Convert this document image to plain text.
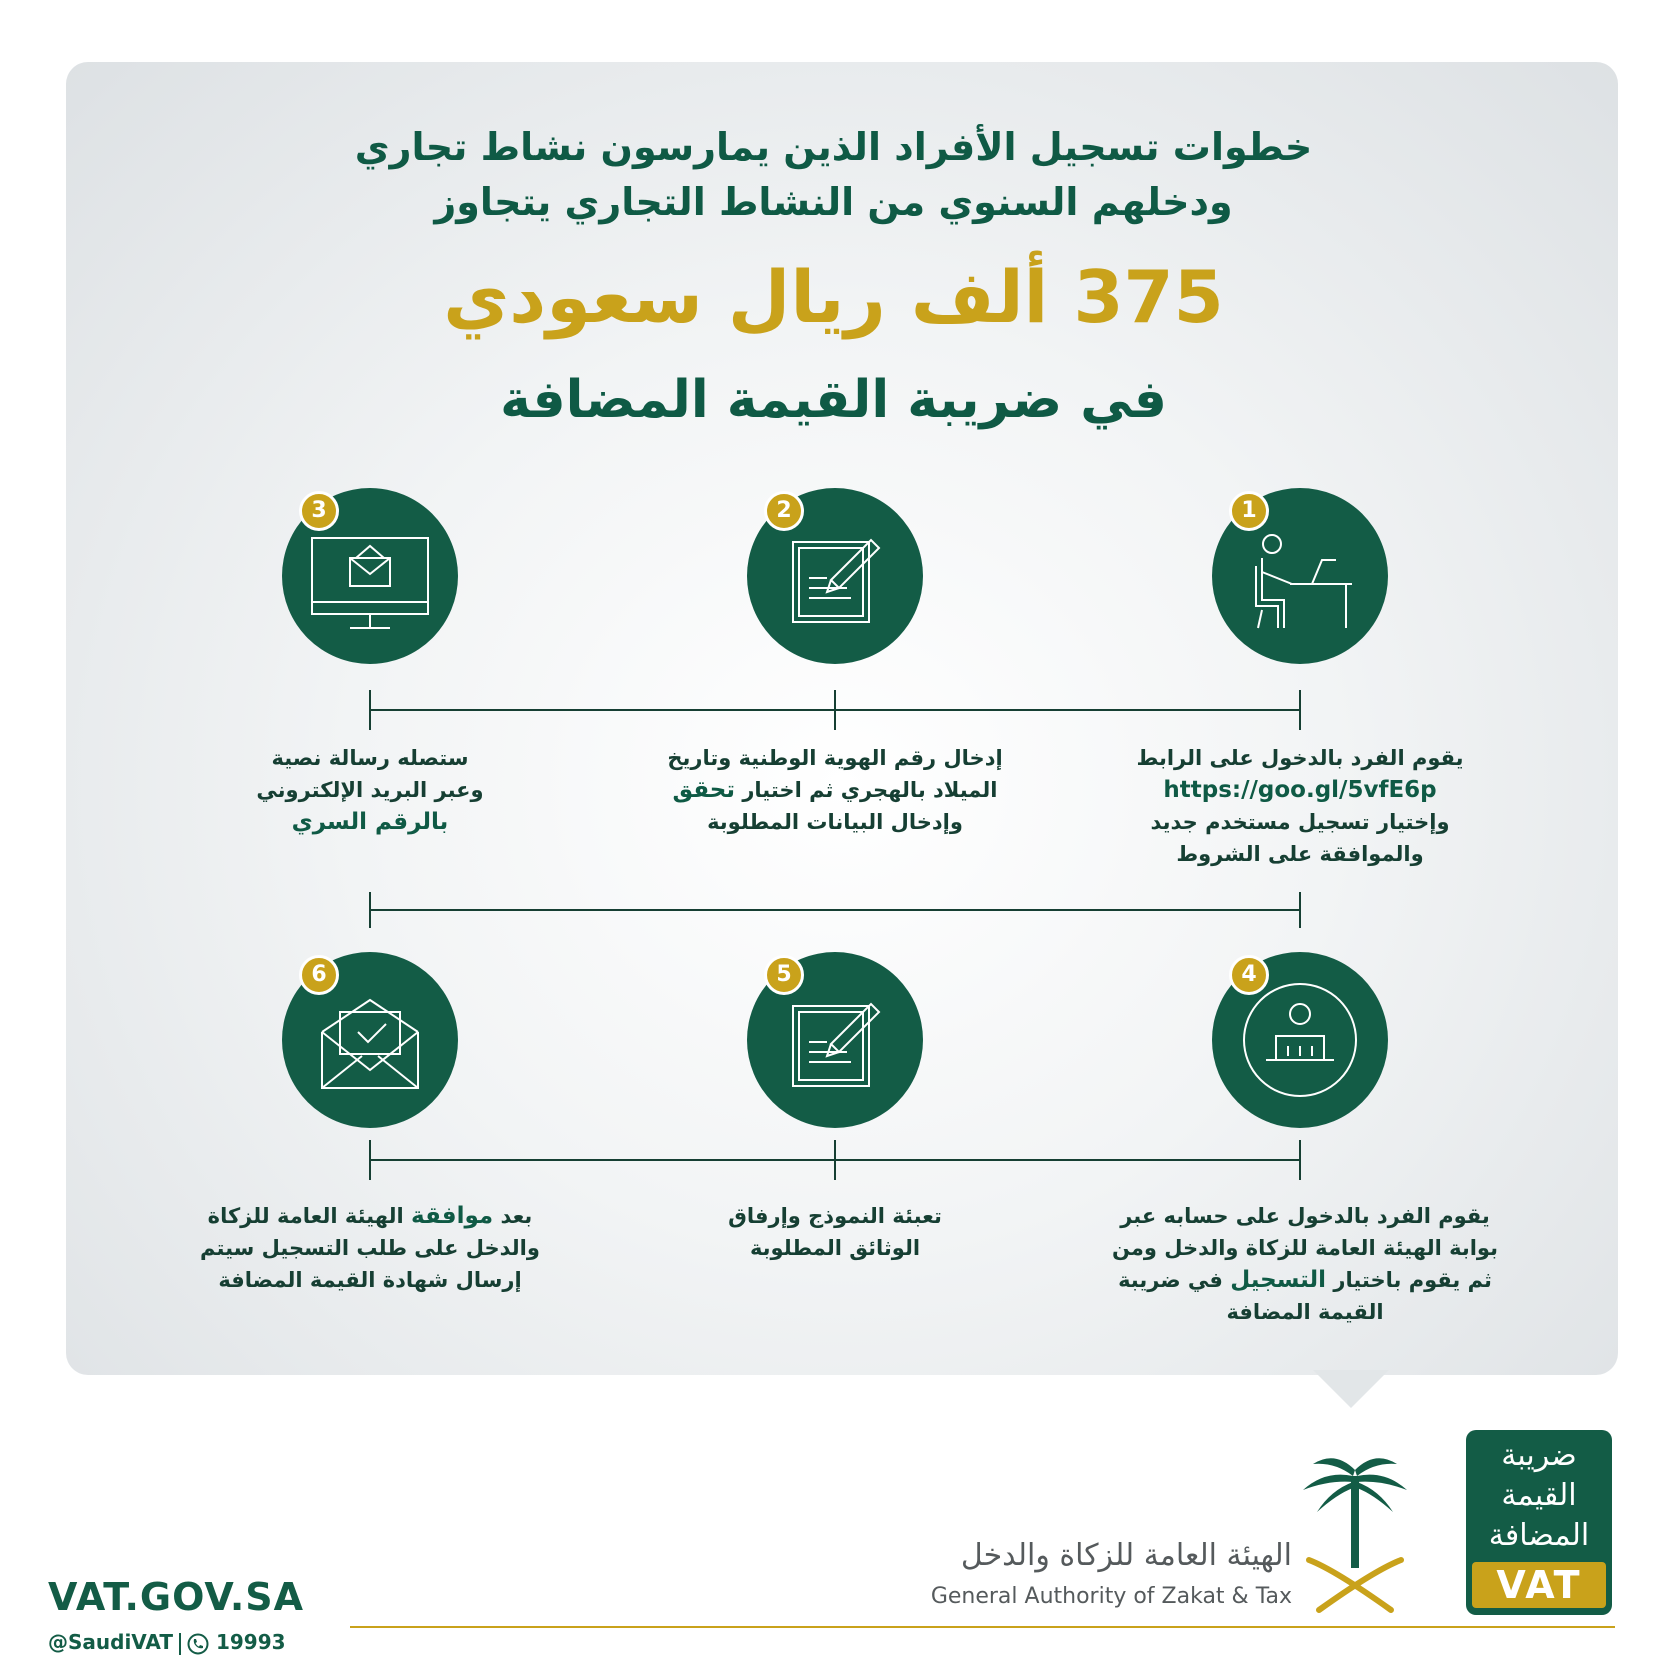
خطوات تسجيل الأفراد الذين يمارسون نشاط تجاري
ودخلهم السنوي من النشاط التجاري يتجاوز
375 ألف ريال سعودي
في ضريبة القيمة المضافة
1
2
3
4
5
6
يقوم الفرد بالدخول على الرابط
https://goo.gl/5vfE6p
وإختيار تسجيل مستخدم جديد
والموافقة على الشروط
إدخال رقم الهوية الوطنية وتاريخ
الميلاد بالهجري ثم اختيار تحقق
وإدخال البيانات المطلوبة
ستصله رسالة نصية
وعبر البريد الإلكتروني
بالرقم السري
يقوم الفرد بالدخول على حسابه عبر
بوابة الهيئة العامة للزكاة والدخل ومن
ثم يقوم باختيار التسجيل في ضريبة
القيمة المضافة
تعبئة النموذج وإرفاق
الوثائق المطلوبة
بعد موافقة الهيئة العامة للزكاة
والدخل على طلب التسجيل سيتم
إرسال شهادة القيمة المضافة
VAT.GOV.SA
@SaudiVAT 19993
الهيئة العامة للزكاة والدخل
General Authority of Zakat & Tax
ضريبة
القيمة
المضافة
VAT
